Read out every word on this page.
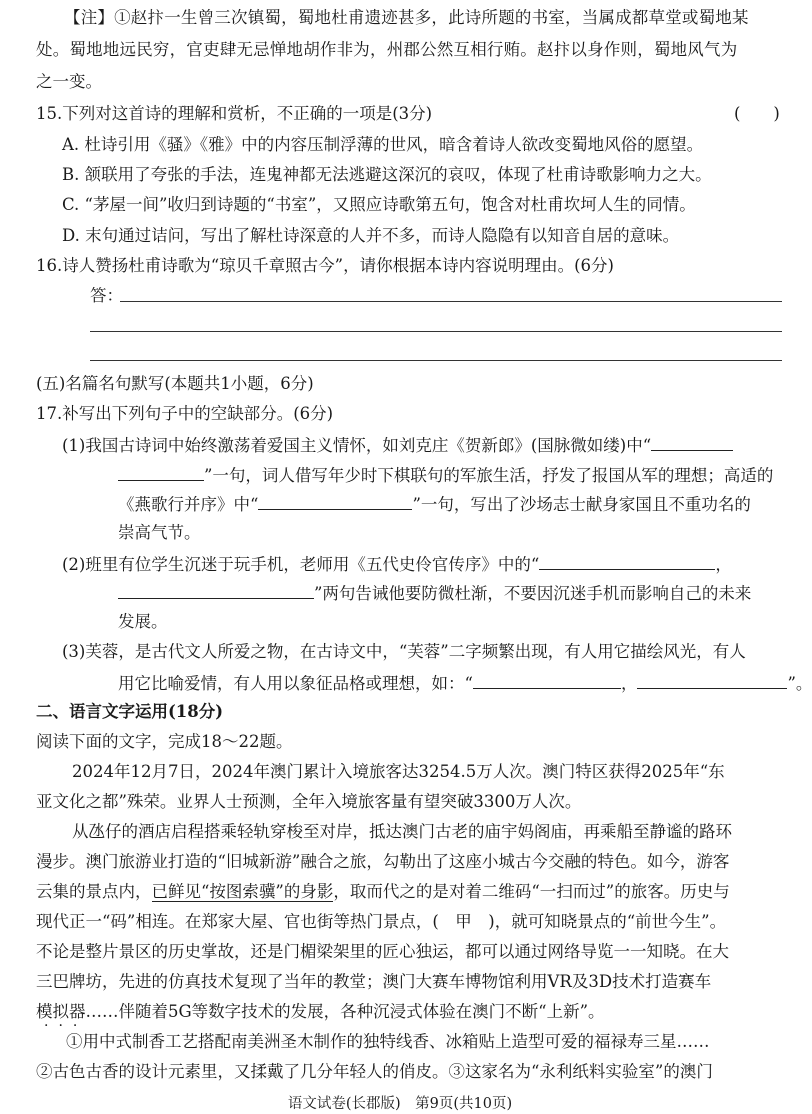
【注】①赵抃一生曾三次镇蜀，蜀地杜甫遗迹甚多，此诗所题的书室，当属成都草堂或蜀地某
处。蜀地地远民穷，官吏肆无忌惮地胡作非为，州郡公然互相行贿。赵抃以身作则，蜀地风气为
之一变。
15.下列对这首诗的理解和赏析，不正确的一项是(3分)	(　　)
A. 杜诗引用《骚》《雅》中的内容压制浮薄的世风，暗含着诗人欲改变蜀地风俗的愿望。
B. 颔联用了夸张的手法，连鬼神都无法逃避这深沉的哀叹，体现了杜甫诗歌影响力之大。
C. “茅屋一间”收归到诗题的“书室”，又照应诗歌第五句，饱含对杜甫坎坷人生的同情。
D. 末句通过诘问，写出了解杜诗深意的人并不多，而诗人隐隐有以知音自居的意味。
16.诗人赞扬杜甫诗歌为“琼贝千章照古今”，请你根据本诗内容说明理由。(6分)
答：
(五)名篇名句默写(本题共1小题，6分)
17.补写出下列句子中的空缺部分。(6分)
(1)我国古诗词中始终激荡着爱国主义情怀，如刘克庄《贺新郎》(国脉微如缕)中“
”一句，词人借写年少时下棋联句的军旅生活，抒发了报国从军的理想；高适的
《燕歌行并序》中“	”一句，写出了沙场志士献身家国且不重功名的
崇高气节。
(2)班里有位学生沉迷于玩手机，老师用《五代史伶官传序》中的“	，
”两句告诫他要防微杜渐，不要因沉迷手机而影响自己的未来
发展。
(3)芙蓉，是古代文人所爱之物，在古诗文中，“芙蓉”二字频繁出现，有人用它描绘风光，有人
用它比喻爱情，有人用以象征品格或理想，如：“	，	”。
二、语言文字运用(18分)
阅读下面的文字，完成18～22题。
2024年12月7日，2024年澳门累计入境旅客达3254.5万人次。澳门特区获得2025年“东
亚文化之都”殊荣。业界人士预测，全年入境旅客量有望突破3300万人次。
从氹仔的酒店启程搭乘轻轨穿梭至对岸，抵达澳门古老的庙宇妈阁庙，再乘船至静谧的路环
漫步。澳门旅游业打造的“旧城新游”融合之旅，勾勒出了这座小城古今交融的特色。如今，游客
云集的景点内，已鲜见“按图索骥”的身影，取而代之的是对着二维码“一扫而过”的旅客。历史与
现代正一“码”相连。在郑家大屋、官也街等热门景点，(　甲　)，就可知晓景点的“前世今生”。
不论是整片景区的历史掌故，还是门楣梁架里的匠心独运，都可以通过网络导览一一知晓。在大
三巴牌坊，先进的仿真技术复现了当年的教堂；澳门大赛车博物馆利用VR及3D技术打造赛车
模拟器……伴随着5G等数字技术的发展，各种沉浸式体验在澳门不断“上新”。
···
①用中式制香工艺搭配南美洲圣木制作的独特线香、冰箱贴上造型可爱的福禄寿三星……
②古色古香的设计元素里，又揉戴了几分年轻人的俏皮。③这家名为“永利纸料实验室”的澳门
语文试卷(长郡版)　第9页(共10页)
